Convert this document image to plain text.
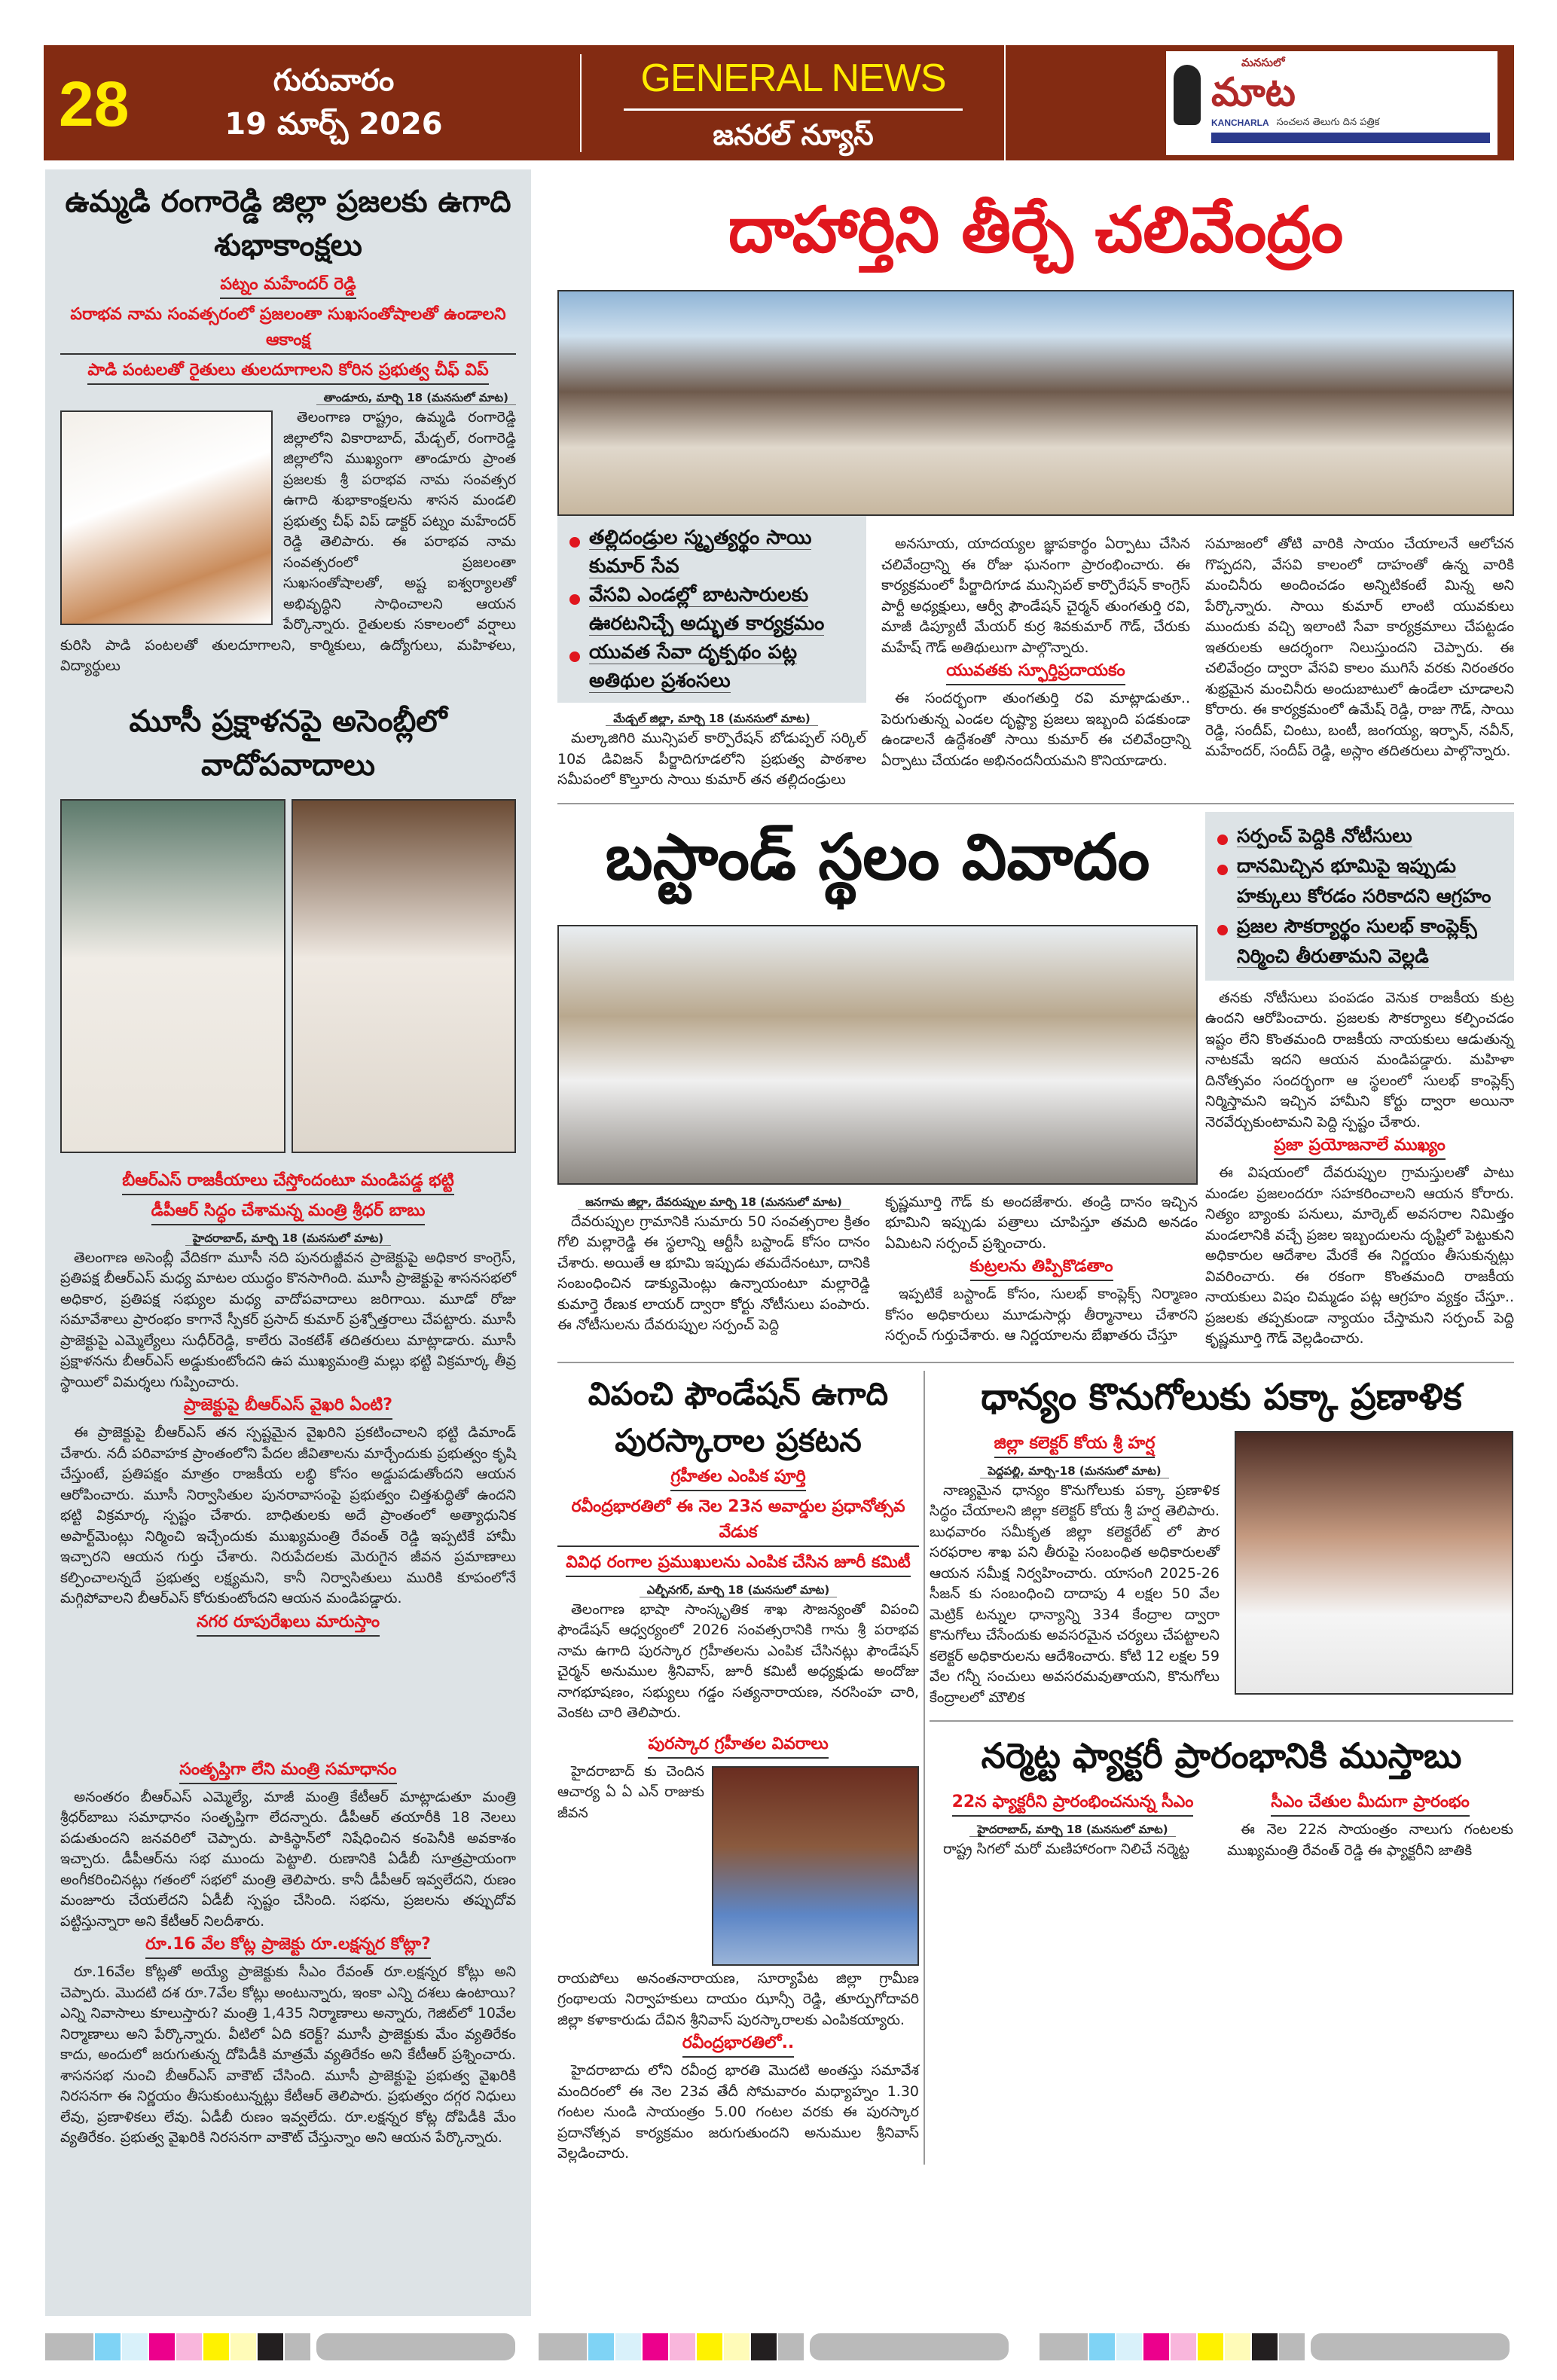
28	గురువారం
19 మార్చ్ 2026
GENERAL NEWS
జనరల్ న్యూస్
మనసులో
మాట
KANCHARLA సంచలన తెలుగు దిన పత్రిక
ఉమ్మడి రంగారెడ్డి జిల్లా ప్రజలకు ఉగాది శుభాకాంక్షలు
పట్నం మహేందర్ రెడ్డి
పరాభవ నామ సంవత్సరంలో ప్రజలంతా సుఖసంతోషాలతో ఉండాలని ఆకాంక్ష
పాడి పంటలతో రైతులు తులదూగాలని కోరిన ప్రభుత్వ చీఫ్ విప్
తాండూరు, మార్చి 18 (మనసులో మాట)

తెలంగాణ రాష్ట్రం, ఉమ్మడి రంగారెడ్డి జిల్లాలోని వికారాబాద్, మేడ్చల్, రంగారెడ్డి జిల్లాలోని ముఖ్యంగా తాండూరు ప్రాంత ప్రజలకు శ్రీ పరాభవ నామ సంవత్సర ఉగాది శుభాకాంక్షలను శాసన మండలి ప్రభుత్వ చీఫ్ విప్ డాక్టర్ పట్నం మహేందర్ రెడ్డి తెలిపారు. ఈ పరాభవ నామ సంవత్సరంలో ప్రజలంతా సుఖసంతోషాలతో, అష్ట ఐశ్వర్యాలతో అభివృద్ధిని సాధించాలని ఆయన పేర్కొన్నారు. రైతులకు సకాలంలో వర్షాలు కురిసి పాడి పంటలతో తులదూగాలని, కార్మికులు, ఉద్యోగులు, మహిళలు, విద్యార్థులు

మూసీ ప్రక్షాళనపై అసెంబ్లీలో వాదోపవాదాలు
బీఆర్ఎస్ రాజకీయాలు చేస్తోందంటూ మండిపడ్డ భట్టి
డీపీఆర్ సిద్ధం చేశామన్న మంత్రి శ్రీధర్ బాబు
హైదరాబాద్, మార్చి 18 (మనసులో మాట)

తెలంగాణ అసెంబ్లీ వేదికగా మూసీ నది పునరుజ్జీవన ప్రాజెక్టుపై అధికార కాంగ్రెస్, ప్రతిపక్ష బీఆర్ఎస్ మధ్య మాటల యుద్ధం కొనసాగింది. మూసీ ప్రాజెక్టుపై శాసనసభలో అధికార, ప్రతిపక్ష సభ్యుల మధ్య వాదోపవాదాలు జరిగాయి. మూడో రోజు సమావేశాలు ప్రారంభం కాగానే స్పీకర్ ప్రసాద్ కుమార్ ప్రశ్నోత్తరాలు చేపట్టారు. మూసీ ప్రాజెక్టుపై ఎమ్మెల్యేలు సుధీర్‌రెడ్డి, కాలేరు వెంకటేశ్ తదితరులు మాట్లాడారు. మూసీ ప్రక్షాళనను బీఆర్ఎస్ అడ్డుకుంటోందని ఉప ముఖ్యమంత్రి మల్లు భట్టి విక్రమార్క తీవ్ర స్థాయిలో విమర్శలు గుప్పించారు.

ప్రాజెక్టుపై బీఆర్ఎస్ వైఖరి ఏంటి?

ఈ ప్రాజెక్టుపై బీఆర్ఎస్ తన స్పష్టమైన వైఖరిని ప్రకటించాలని భట్టి డిమాండ్ చేశారు. నదీ పరివాహక ప్రాంతంలోని పేదల జీవితాలను మార్చేందుకు ప్రభుత్వం కృషి చేస్తుంటే, ప్రతిపక్షం మాత్రం రాజకీయ లబ్ధి కోసం అడ్డుపడుతోందని ఆయన ఆరోపించారు. మూసీ నిర్వాసితుల పునరావాసంపై ప్రభుత్వం చిత్తశుద్ధితో ఉందని భట్టి విక్రమార్క స్పష్టం చేశారు. బాధితులకు అదే ప్రాంతంలో అత్యాధునిక అపార్ట్‌మెంట్లు నిర్మించి ఇచ్చేందుకు ముఖ్యమంత్రి రేవంత్ రెడ్డి ఇప్పటికే హామీ ఇచ్చారని ఆయన గుర్తు చేశారు. నిరుపేదలకు మెరుగైన జీవన ప్రమాణాలు కల్పించాలన్నదే ప్రభుత్వ లక్ష్యమని, కానీ నిర్వాసితులు మురికి కూపంలోనే మగ్గిపోవాలని బీఆర్ఎస్ కోరుకుంటోందని ఆయన మండిపడ్డారు.

నగర రూపురేఖలు మారుస్తాం
సంతృప్తిగా లేని మంత్రి సమాధానం

అనంతరం బీఆర్ఎస్ ఎమ్మెల్యే, మాజీ మంత్రి కేటీఆర్ మాట్లాడుతూ మంత్రి శ్రీధర్‌బాబు సమాధానం సంతృప్తిగా లేదన్నారు. డీపీఆర్ తయారీకి 18 నెలలు పడుతుందని జనవరిలో చెప్పారు. పాకిస్థాన్‌లో నిషేధించిన కంపెనీకి అవకాశం ఇచ్చారు. డీపీఆర్‌ను సభ ముందు పెట్టాలి. రుణానికి ఏడీబీ సూత్రప్రాయంగా అంగీకరించినట్లు గతంలో సభలో మంత్రి తెలిపారు. కానీ డీపీఆర్ ఇవ్వలేదని, రుణం మంజూరు చేయలేదని ఏడీబీ స్పష్టం చేసింది. సభను, ప్రజలను తప్పుదోవ పట్టిస్తున్నారా అని కేటీఆర్ నిలదీశారు.

రూ.16 వేల కోట్ల ప్రాజెక్టు రూ.లక్షన్నర కోట్లా?

రూ.16వేల కోట్లతో అయ్యే ప్రాజెక్టుకు సీఎం రేవంత్ రూ.లక్షన్నర కోట్లు అని చెప్పారు. మొదటి దశ రూ.7వేల కోట్లు అంటున్నారు, ఇంకా ఎన్ని దశలు ఉంటాయి? ఎన్ని నివాసాలు కూలుస్తారు? మంత్రి 1,435 నిర్మాణాలు అన్నారు, గెజిట్‌లో 10వేల నిర్మాణాలు అని పేర్కొన్నారు. వీటిలో ఏది కరెక్ట్? మూసీ ప్రాజెక్టుకు మేం వ్యతిరేకం కాదు, అందులో జరుగుతున్న దోపిడీకి మాత్రమే వ్యతిరేకం అని కేటీఆర్ ప్రశ్నించారు. శాసనసభ నుంచి బీఆర్ఎస్ వాకౌట్ చేసింది. మూసీ ప్రాజెక్టుపై ప్రభుత్వ వైఖరికి నిరసనగా ఈ నిర్ణయం తీసుకుంటున్నట్లు కేటీఆర్ తెలిపారు. ప్రభుత్వం దగ్గర నిధులు లేవు, ప్రణాళికలు లేవు. ఏడీబీ రుణం ఇవ్వలేదు. రూ.లక్షన్నర కోట్ల దోపిడీకి మేం వ్యతిరేకం. ప్రభుత్వ వైఖరికి నిరసనగా వాకౌట్ చేస్తున్నాం అని ఆయన పేర్కొన్నారు.

దాహార్తిని తీర్చే చలివేంద్రం
తల్లిదండ్రుల స్మృత్యర్థం సాయి కుమార్ సేవ
వేసవి ఎండల్లో బాటసారులకు ఊరటనిచ్చే అద్భుత కార్యక్రమం
యువత సేవా దృక్పథం పట్ల అతిథుల ప్రశంసలు
మేడ్చల్ జిల్లా, మార్చి 18 (మనసులో మాట)

మల్కాజిగిరి మున్సిపల్ కార్పొరేషన్ బోడుప్పల్ సర్కిల్ 10వ డివిజన్ పీర్జాదిగూడలోని ప్రభుత్వ పాఠశాల సమీపంలో కొల్తూరు సాయి కుమార్ తన తల్లిదండ్రులు

అనసూయ, యాదయ్యల జ్ఞాపకార్థం ఏర్పాటు చేసిన చలివేంద్రాన్ని ఈ రోజు ఘనంగా ప్రారంభించారు. ఈ కార్యక్రమంలో పీర్జాదిగూడ మున్సిపల్ కార్పొరేషన్ కాంగ్రెస్ పార్టీ అధ్యక్షులు, ఆర్వీ ఫౌండేషన్ చైర్మన్ తుంగతుర్తి రవి, మాజీ డిప్యూటీ మేయర్ కుర్ర శివకుమార్ గౌడ్, చేరుకు మహేష్ గౌడ్ అతిథులుగా పాల్గొన్నారు.

యువతకు స్ఫూర్తిప్రదాయకం

ఈ సందర్భంగా తుంగతుర్తి రవి మాట్లాడుతూ.. పెరుగుతున్న ఎండల దృష్ట్యా ప్రజలు ఇబ్బంది పడకుండా ఉండాలనే ఉద్దేశంతో సాయి కుమార్ ఈ చలివేంద్రాన్ని ఏర్పాటు చేయడం అభినందనీయమని కొనియాడారు.

సమాజంలో తోటి వారికి సాయం చేయాలనే ఆలోచన గొప్పదని, వేసవి కాలంలో దాహంతో ఉన్న వారికి మంచినీరు అందించడం అన్నిటికంటే మిన్న అని పేర్కొన్నారు. సాయి కుమార్ లాంటి యువకులు ముందుకు వచ్చి ఇలాంటి సేవా కార్యక్రమాలు చేపట్టడం ఇతరులకు ఆదర్శంగా నిలుస్తుందని చెప్పారు. ఈ చలివేంద్రం ద్వారా వేసవి కాలం ముగిసే వరకు నిరంతరం శుభ్రమైన మంచినీరు అందుబాటులో ఉండేలా చూడాలని కోరారు. ఈ కార్యక్రమంలో ఉమేష్ రెడ్డి, రాజు గౌడ్, సాయి రెడ్డి, సందీప్, చింటు, బంటీ, జంగయ్య, ఇర్ఫాన్, నవీన్, మహేందర్, సందీప్ రెడ్డి, అస్లాం తదితరులు పాల్గొన్నారు.

బస్టాండ్ స్థలం వివాదం
జనగామ జిల్లా, దేవరుప్పుల మార్చి 18 (మనసులో మాట)

దేవరుప్పుల గ్రామానికి సుమారు 50 సంవత్సరాల క్రితం గోలి మల్లారెడ్డి ఈ స్థలాన్ని ఆర్టీసీ బస్టాండ్ కోసం దానం చేశారు. అయితే ఆ భూమి ఇప్పుడు తమదేనంటూ, దానికి సంబంధించిన డాక్యుమెంట్లు ఉన్నాయంటూ మల్లారెడ్డి కుమార్తె రేణుక లాయర్ ద్వారా కోర్టు నోటీసులు పంపారు. ఈ నోటీసులను దేవరుప్పుల సర్పంచ్ పెద్ది

కృష్ణమూర్తి గౌడ్ కు అందజేశారు. తండ్రి దానం ఇచ్చిన భూమిని ఇప్పుడు పత్రాలు చూపిస్తూ తమది అనడం ఏమిటని సర్పంచ్ ప్రశ్నించారు.

కుట్రలను తిప్పికొడతాం

ఇప్పటికే బస్టాండ్ కోసం, సులభ్ కాంప్లెక్స్ నిర్మాణం కోసం అధికారులు మూడుసార్లు తీర్మానాలు చేశారని సర్పంచ్ గుర్తుచేశారు. ఆ నిర్ణయాలను బేఖాతరు చేస్తూ

సర్పంచ్ పెద్దికి నోటీసులు
దానమిచ్చిన భూమిపై ఇప్పుడు హక్కులు కోరడం సరికాదని ఆగ్రహం
ప్రజల సౌకర్యార్థం సులభ్ కాంప్లెక్స్ నిర్మించి తీరుతామని వెల్లడి

తనకు నోటీసులు పంపడం వెనుక రాజకీయ కుట్ర ఉందని ఆరోపించారు. ప్రజలకు సౌకర్యాలు కల్పించడం ఇష్టం లేని కొంతమంది రాజకీయ నాయకులు ఆడుతున్న నాటకమే ఇదని ఆయన మండిపడ్డారు. మహిళా దినోత్సవం సందర్భంగా ఆ స్థలంలో సులభ్ కాంప్లెక్స్ నిర్మిస్తామని ఇచ్చిన హామీని కోర్టు ద్వారా అయినా నెరవేర్చుకుంటామని పెద్ది స్పష్టం చేశారు.

ప్రజా ప్రయోజనాలే ముఖ్యం

ఈ విషయంలో దేవరుప్పుల గ్రామస్తులతో పాటు మండల ప్రజలందరూ సహకరించాలని ఆయన కోరారు. నిత్యం బ్యాంకు పనులు, మార్కెట్ అవసరాల నిమిత్తం మండలానికి వచ్చే ప్రజల ఇబ్బందులను దృష్టిలో పెట్టుకుని అధికారుల ఆదేశాల మేరకే ఈ నిర్ణయం తీసుకున్నట్లు వివరించారు. ఈ రకంగా కొంతమంది రాజకీయ నాయకులు విషం చిమ్మడం పట్ల ఆగ్రహం వ్యక్తం చేస్తూ.. ప్రజలకు తప్పకుండా న్యాయం చేస్తామని సర్పంచ్ పెద్ది కృష్ణమూర్తి గౌడ్ వెల్లడించారు.

విపంచి ఫౌండేషన్ ఉగాది పురస్కారాల ప్రకటన
గ్రహీతల ఎంపిక పూర్తి
రవీంద్రభారతిలో ఈ నెల 23న అవార్డుల ప్రధానోత్సవ వేడుక
వివిధ రంగాల ప్రముఖులను ఎంపిక చేసిన జూరీ కమిటీ
ఎల్బీనగర్, మార్చి 18 (మనసులో మాట)

తెలంగాణ భాషా సాంస్కృతిక శాఖ సౌజన్యంతో విపంచి ఫౌండేషన్ ఆధ్వర్యంలో 2026 సంవత్సరానికి గాను శ్రీ పరాభవ నామ ఉగాది పురస్కార గ్రహీతలను ఎంపిక చేసినట్లు ఫౌండేషన్ చైర్మన్ అనుముల శ్రీనివాస్, జూరీ కమిటీ అధ్యక్షుడు అందోజు నాగభూషణం, సభ్యులు గడ్డం సత్యనారాయణ, నరసింహ చారి, వెంకట చారి తెలిపారు.

పురస్కార గ్రహీతల వివరాలు

హైదరాబాద్ కు చెందిన ఆచార్య ఏ ఏ ఎన్ రాజుకు జీవన

రాయపోలు అనంతనారాయణ, సూర్యాపేట జిల్లా గ్రామీణ గ్రంథాలయ నిర్వాహకులు దాయం ఝాన్సీ రెడ్డి, తూర్పుగోదావరి జిల్లా కళాకారుడు దేవిన శ్రీనివాస్ పురస్కారాలకు ఎంపికయ్యారు.

రవీంద్రభారతిలో..

హైదరాబాదు లోని రవీంద్ర భారతి మొదటి అంతస్తు సమావేశ మందిరంలో ఈ నెల 23వ తేదీ సోమవారం మధ్యాహ్నం 1.30 గంటల నుండి సాయంత్రం 5.00 గంటల వరకు ఈ పురస్కార ప్రదానోత్సవ కార్యక్రమం జరుగుతుందని అనుముల శ్రీనివాస్ వెల్లడించారు.

ధాన్యం కొనుగోలుకు పక్కా ప్రణాళిక
జిల్లా కలెక్టర్ కోయ శ్రీ హర్ష
పెద్దపల్లి, మార్చి-18 (మనసులో మాట)

నాణ్యమైన ధాన్యం కొనుగోలుకు పక్కా ప్రణాళిక సిద్ధం చేయాలని జిల్లా కలెక్టర్ కోయ శ్రీ హర్ష తెలిపారు. బుధవారం సమీకృత జిల్లా కలెక్టరేట్ లో పౌర సరఫరాల శాఖ పని తీరుపై సంబంధిత అధికారులతో ఆయన సమీక్ష నిర్వహించారు. యాసంగి 2025-26 సీజన్ కు సంబంధించి దాదాపు 4 లక్షల 50 వేల మెట్రిక్ టన్నుల ధాన్యాన్ని 334 కేంద్రాల ద్వారా కొనుగోలు చేసేందుకు అవసరమైన చర్యలు చేపట్టాలని కలెక్టర్ అధికారులను ఆదేశించారు. కోటి 12 లక్షల 59 వేల గన్నీ సంచులు అవసరమవుతాయని, కొనుగోలు కేంద్రాలలో మౌలిక

నర్మెట్ట ఫ్యాక్టరీ ప్రారంభానికి ముస్తాబు
22న ఫ్యాక్టరీని ప్రారంభించనున్న సీఎం
హైదరాబాద్, మార్చి 18 (మనసులో మాట)

రాష్ట్ర సిగలో మరో మణిహారంగా నిలిచే నర్మెట్ట

సీఎం చేతుల మీదుగా ప్రారంభం

ఈ నెల 22న సాయంత్రం నాలుగు గంటలకు ముఖ్యమంత్రి రేవంత్ రెడ్డి ఈ ఫ్యాక్టరీని జాతికి
